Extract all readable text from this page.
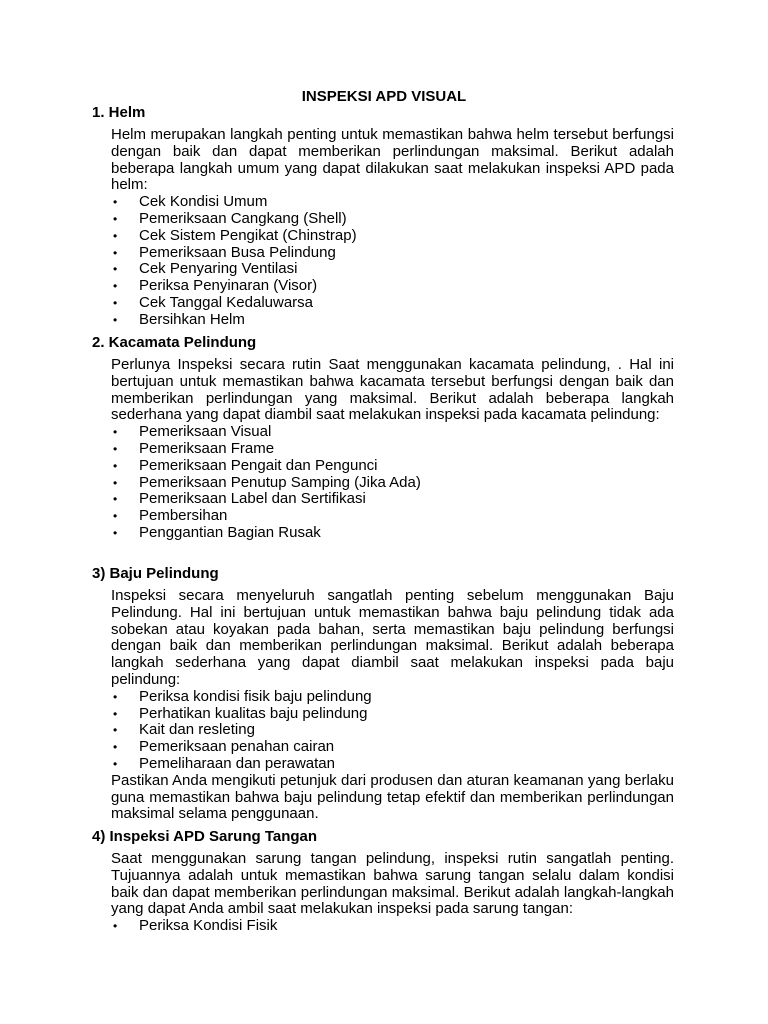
INSPEKSI APD VISUAL
1. Helm

Helm merupakan langkah penting untuk memastikan bahwa helm tersebut berfungsi dengan baik dan dapat memberikan perlindungan maksimal. Berikut adalah beberapa langkah umum yang dapat dilakukan saat melakukan inspeksi APD pada helm:

• Cek Kondisi Umum
• Pemeriksaan Cangkang (Shell)
• Cek Sistem Pengikat (Chinstrap)
• Pemeriksaan Busa Pelindung
• Cek Penyaring Ventilasi
• Periksa Penyinaran (Visor)
• Cek Tanggal Kedaluwarsa
• Bersihkan Helm
2. Kacamata Pelindung

Perlunya Inspeksi secara rutin Saat menggunakan kacamata pelindung, . Hal ini bertujuan untuk memastikan bahwa kacamata tersebut berfungsi dengan baik dan memberikan perlindungan yang maksimal. Berikut adalah beberapa langkah sederhana yang dapat diambil saat melakukan inspeksi pada kacamata pelindung:

• Pemeriksaan Visual
• Pemeriksaan Frame
• Pemeriksaan Pengait dan Pengunci
• Pemeriksaan Penutup Samping (Jika Ada)
• Pemeriksaan Label dan Sertifikasi
• Pembersihan
• Penggantian Bagian Rusak
3) Baju Pelindung

Inspeksi secara menyeluruh sangatlah penting sebelum menggunakan Baju Pelindung. Hal ini bertujuan untuk memastikan bahwa baju pelindung tidak ada sobekan atau koyakan pada bahan, serta memastikan baju pelindung berfungsi dengan baik dan memberikan perlindungan maksimal. Berikut adalah beberapa langkah sederhana yang dapat diambil saat melakukan inspeksi pada baju pelindung:

• Periksa kondisi fisik baju pelindung
• Perhatikan kualitas baju pelindung
• Kait dan resleting
• Pemeriksaan penahan cairan
• Pemeliharaan dan perawatan

Pastikan Anda mengikuti petunjuk dari produsen dan aturan keamanan yang berlaku guna memastikan bahwa baju pelindung tetap efektif dan memberikan perlindungan maksimal selama penggunaan.

4) Inspeksi APD Sarung Tangan

Saat menggunakan sarung tangan pelindung, inspeksi rutin sangatlah penting. Tujuannya adalah untuk memastikan bahwa sarung tangan selalu dalam kondisi baik dan dapat memberikan perlindungan maksimal. Berikut adalah langkah-langkah yang dapat Anda ambil saat melakukan inspeksi pada sarung tangan:

• Periksa Kondisi Fisik
